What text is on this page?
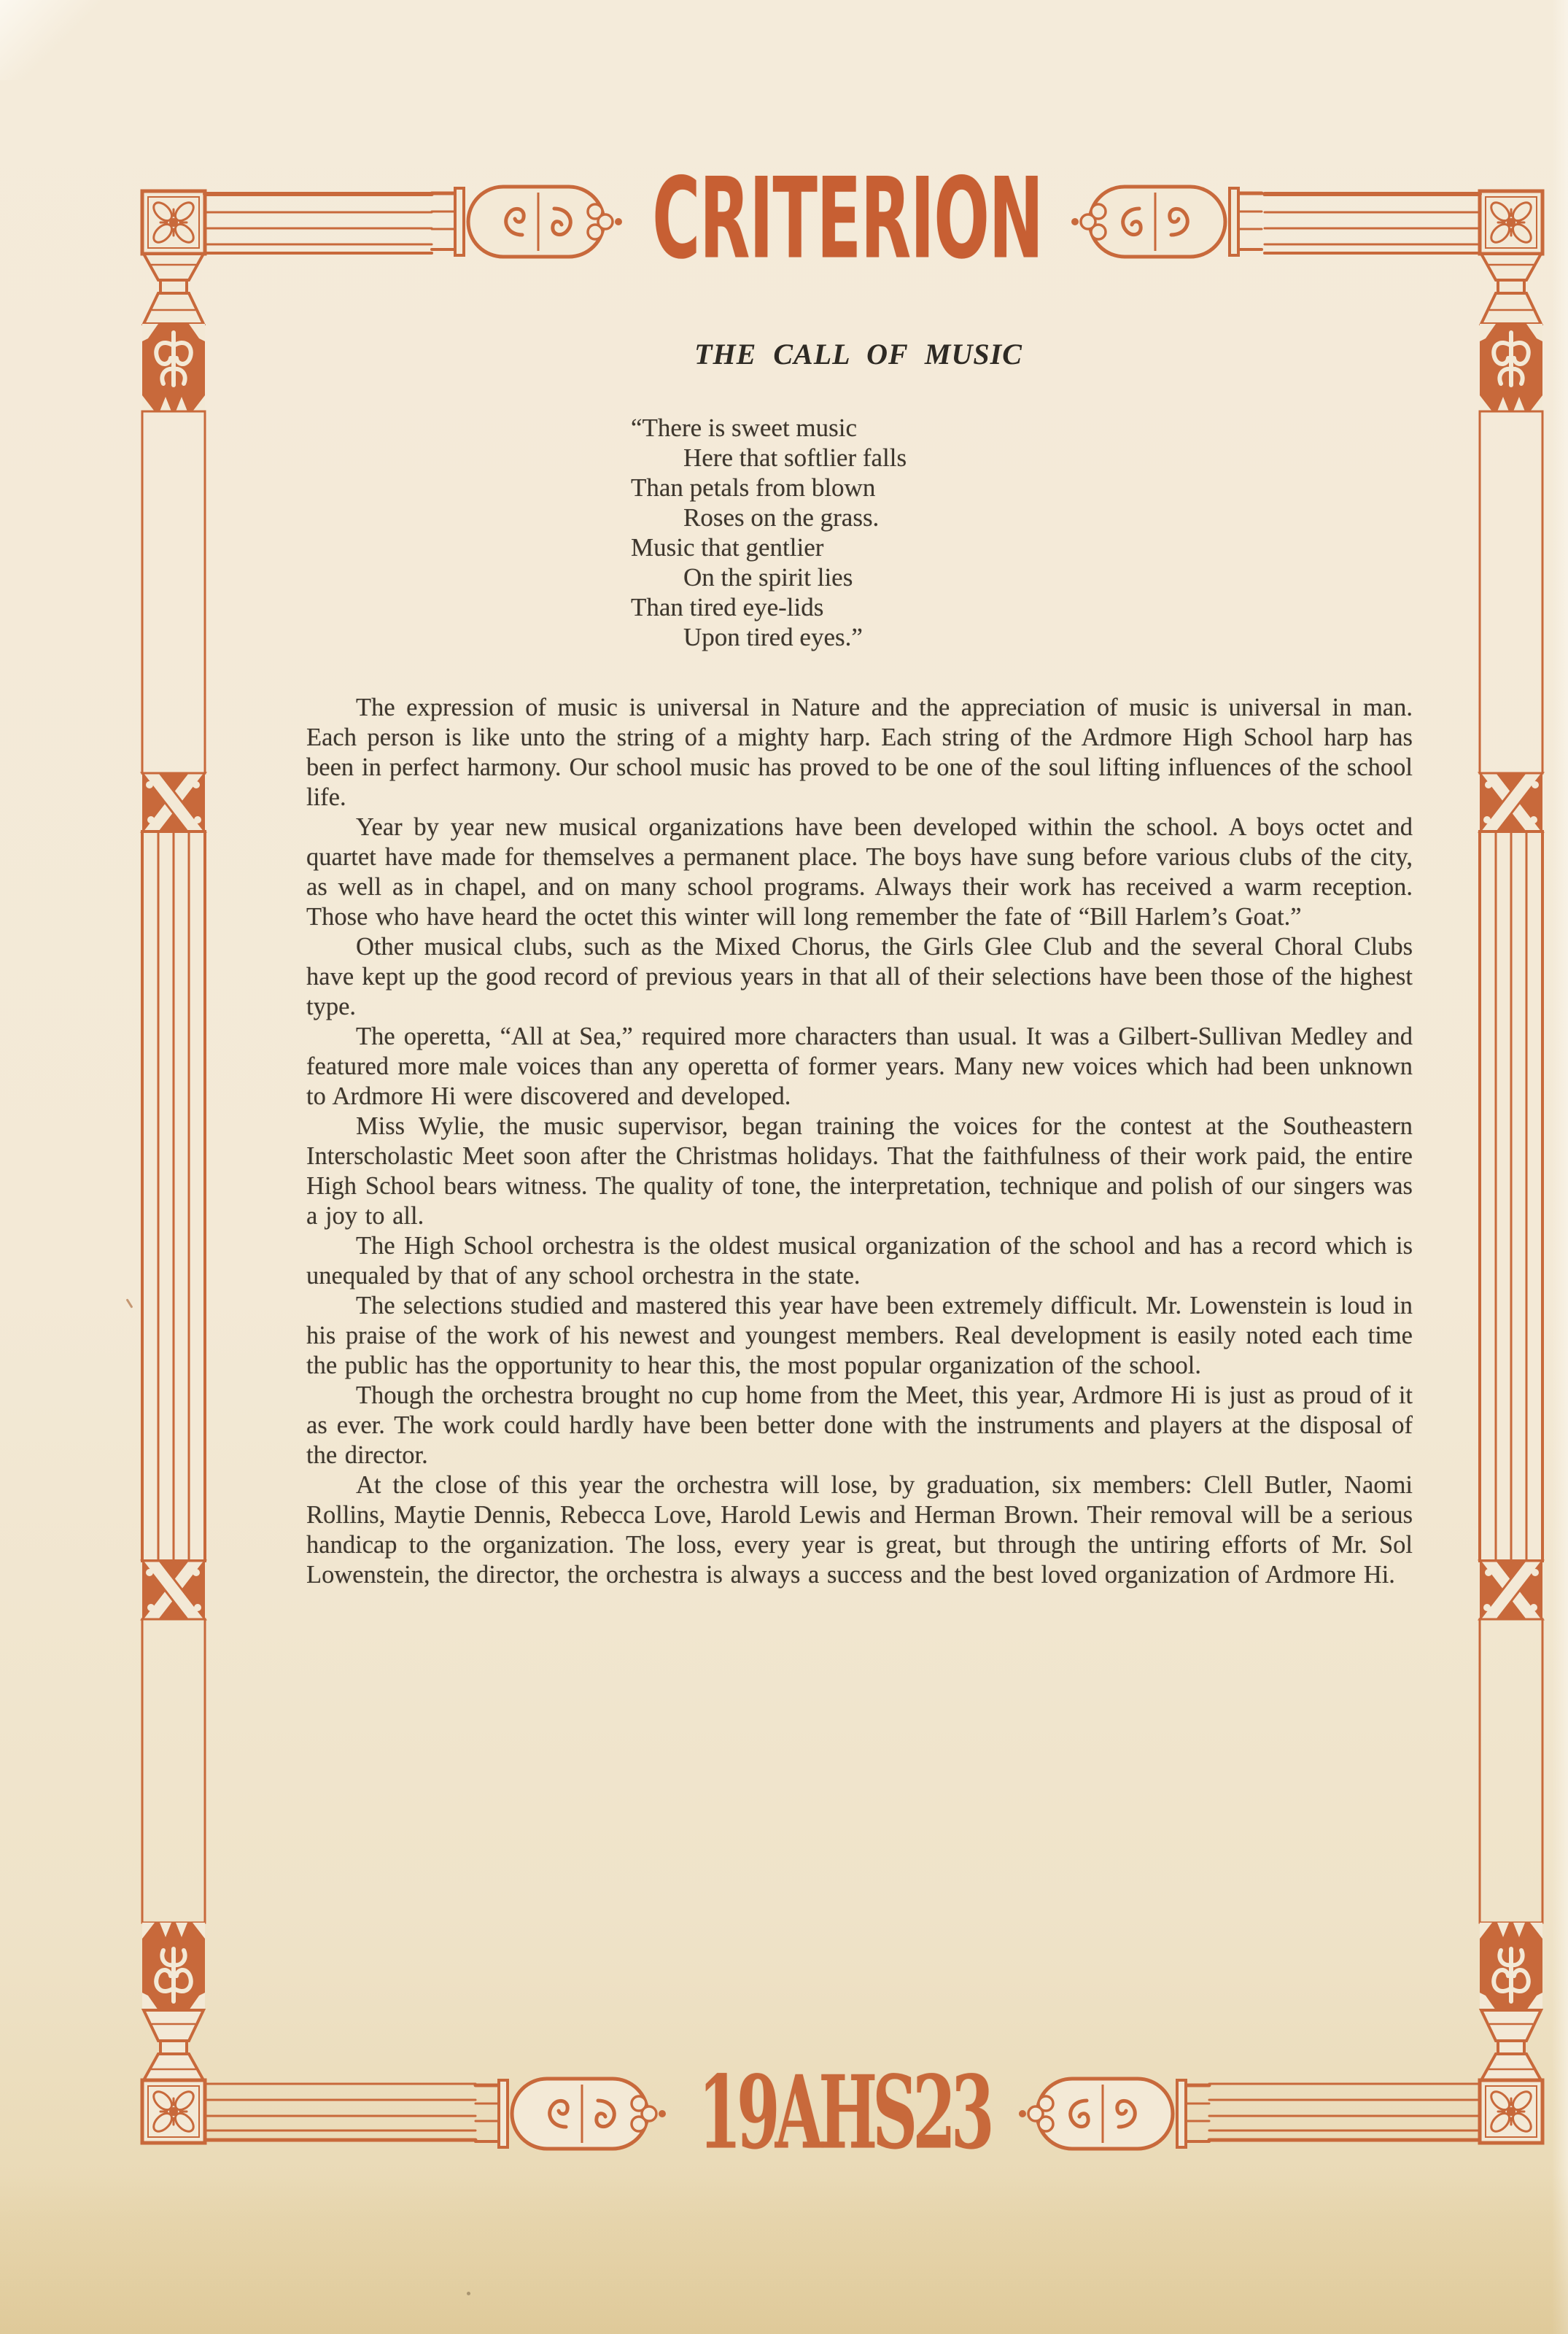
CRITERION
THE CALL OF MUSIC
“There is sweet music
Here that softlier falls
Than petals from blown
Roses on the grass.
Music that gentlier
On the spirit lies
Than tired eye-lids
Upon tired eyes.”

The expression of music is universal in Nature and the appreciation of music is universal in man. Each person is like unto the string of a mighty harp. Each string of the Ardmore High School harp has been in perfect harmony. Our school music has proved to be one of the soul lifting influences of the school life.

Year by year new musical organizations have been developed within the school. A boys octet and quartet have made for themselves a permanent place. The boys have sung before various clubs of the city, as well as in chapel, and on many school programs. Always their work has received a warm reception. Those who have heard the octet this winter will long remember the fate of “Bill Harlem’s Goat.”

Other musical clubs, such as the Mixed Chorus, the Girls Glee Club and the several Choral Clubs have kept up the good record of previous years in that all of their selections have been those of the highest type.

The operetta, “All at Sea,” required more characters than usual. It was a Gilbert-Sullivan Medley and featured more male voices than any operetta of former years. Many new voices which had been unknown to Ardmore Hi were discovered and developed.

Miss Wylie, the music supervisor, began training the voices for the contest at the Southeastern Interscholastic Meet soon after the Christmas holidays. That the faithfulness of their work paid, the entire High School bears witness. The quality of tone, the interpretation, technique and polish of our singers was a joy to all.

The High School orchestra is the oldest musical organization of the school and has a record which is unequaled by that of any school orchestra in the state.

The selections studied and mastered this year have been extremely difficult. Mr. Lowenstein is loud in his praise of the work of his newest and youngest members. Real development is easily noted each time the public has the opportunity to hear this, the most popular organization of the school.

Though the orchestra brought no cup home from the Meet, this year, Ardmore Hi is just as proud of it as ever. The work could hardly have been better done with the instruments and players at the disposal of the director.

At the close of this year the orchestra will lose, by graduation, six members: Clell Butler, Naomi Rollins, Maytie Dennis, Rebecca Love, Harold Lewis and Herman Brown. Their removal will be a serious handicap to the organization. The loss, every year is great, but through the untiring efforts of Mr. Sol Lowenstein, the director, the orchestra is always a success and the best loved organization of Ardmore Hi.

19AHS23
